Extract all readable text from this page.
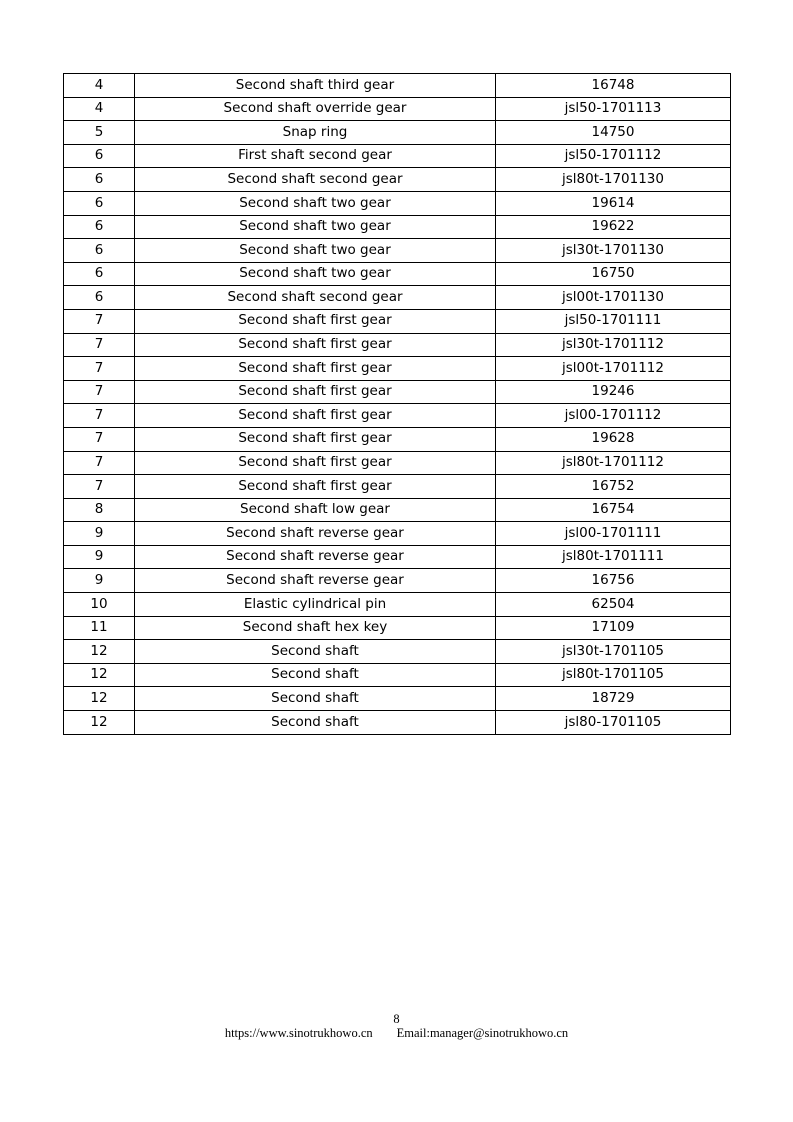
4	Second shaft third gear	16748
4	Second shaft override gear	jsl50-1701113
5	Snap ring	14750
6	First shaft second gear	jsl50-1701112
6	Second shaft second gear	jsl80t-1701130
6	Second shaft two gear	19614
6	Second shaft two gear	19622
6	Second shaft two gear	jsl30t-1701130
6	Second shaft two gear	16750
6	Second shaft second gear	jsl00t-1701130
7	Second shaft first gear	jsl50-1701111
7	Second shaft first gear	jsl30t-1701112
7	Second shaft first gear	jsl00t-1701112
7	Second shaft first gear	19246
7	Second shaft first gear	jsl00-1701112
7	Second shaft first gear	19628
7	Second shaft first gear	jsl80t-1701112
7	Second shaft first gear	16752
8	Second shaft low gear	16754
9	Second shaft reverse gear	jsl00-1701111
9	Second shaft reverse gear	jsl80t-1701111
9	Second shaft reverse gear	16756
10	Elastic cylindrical pin	62504
11	Second shaft hex key	17109
12	Second shaft	jsl30t-1701105
12	Second shaft	jsl80t-1701105
12	Second shaft	18729
12	Second shaft	jsl80-1701105
8
https://www.sinotrukhowo.cn Email:manager@sinotrukhowo.cn
